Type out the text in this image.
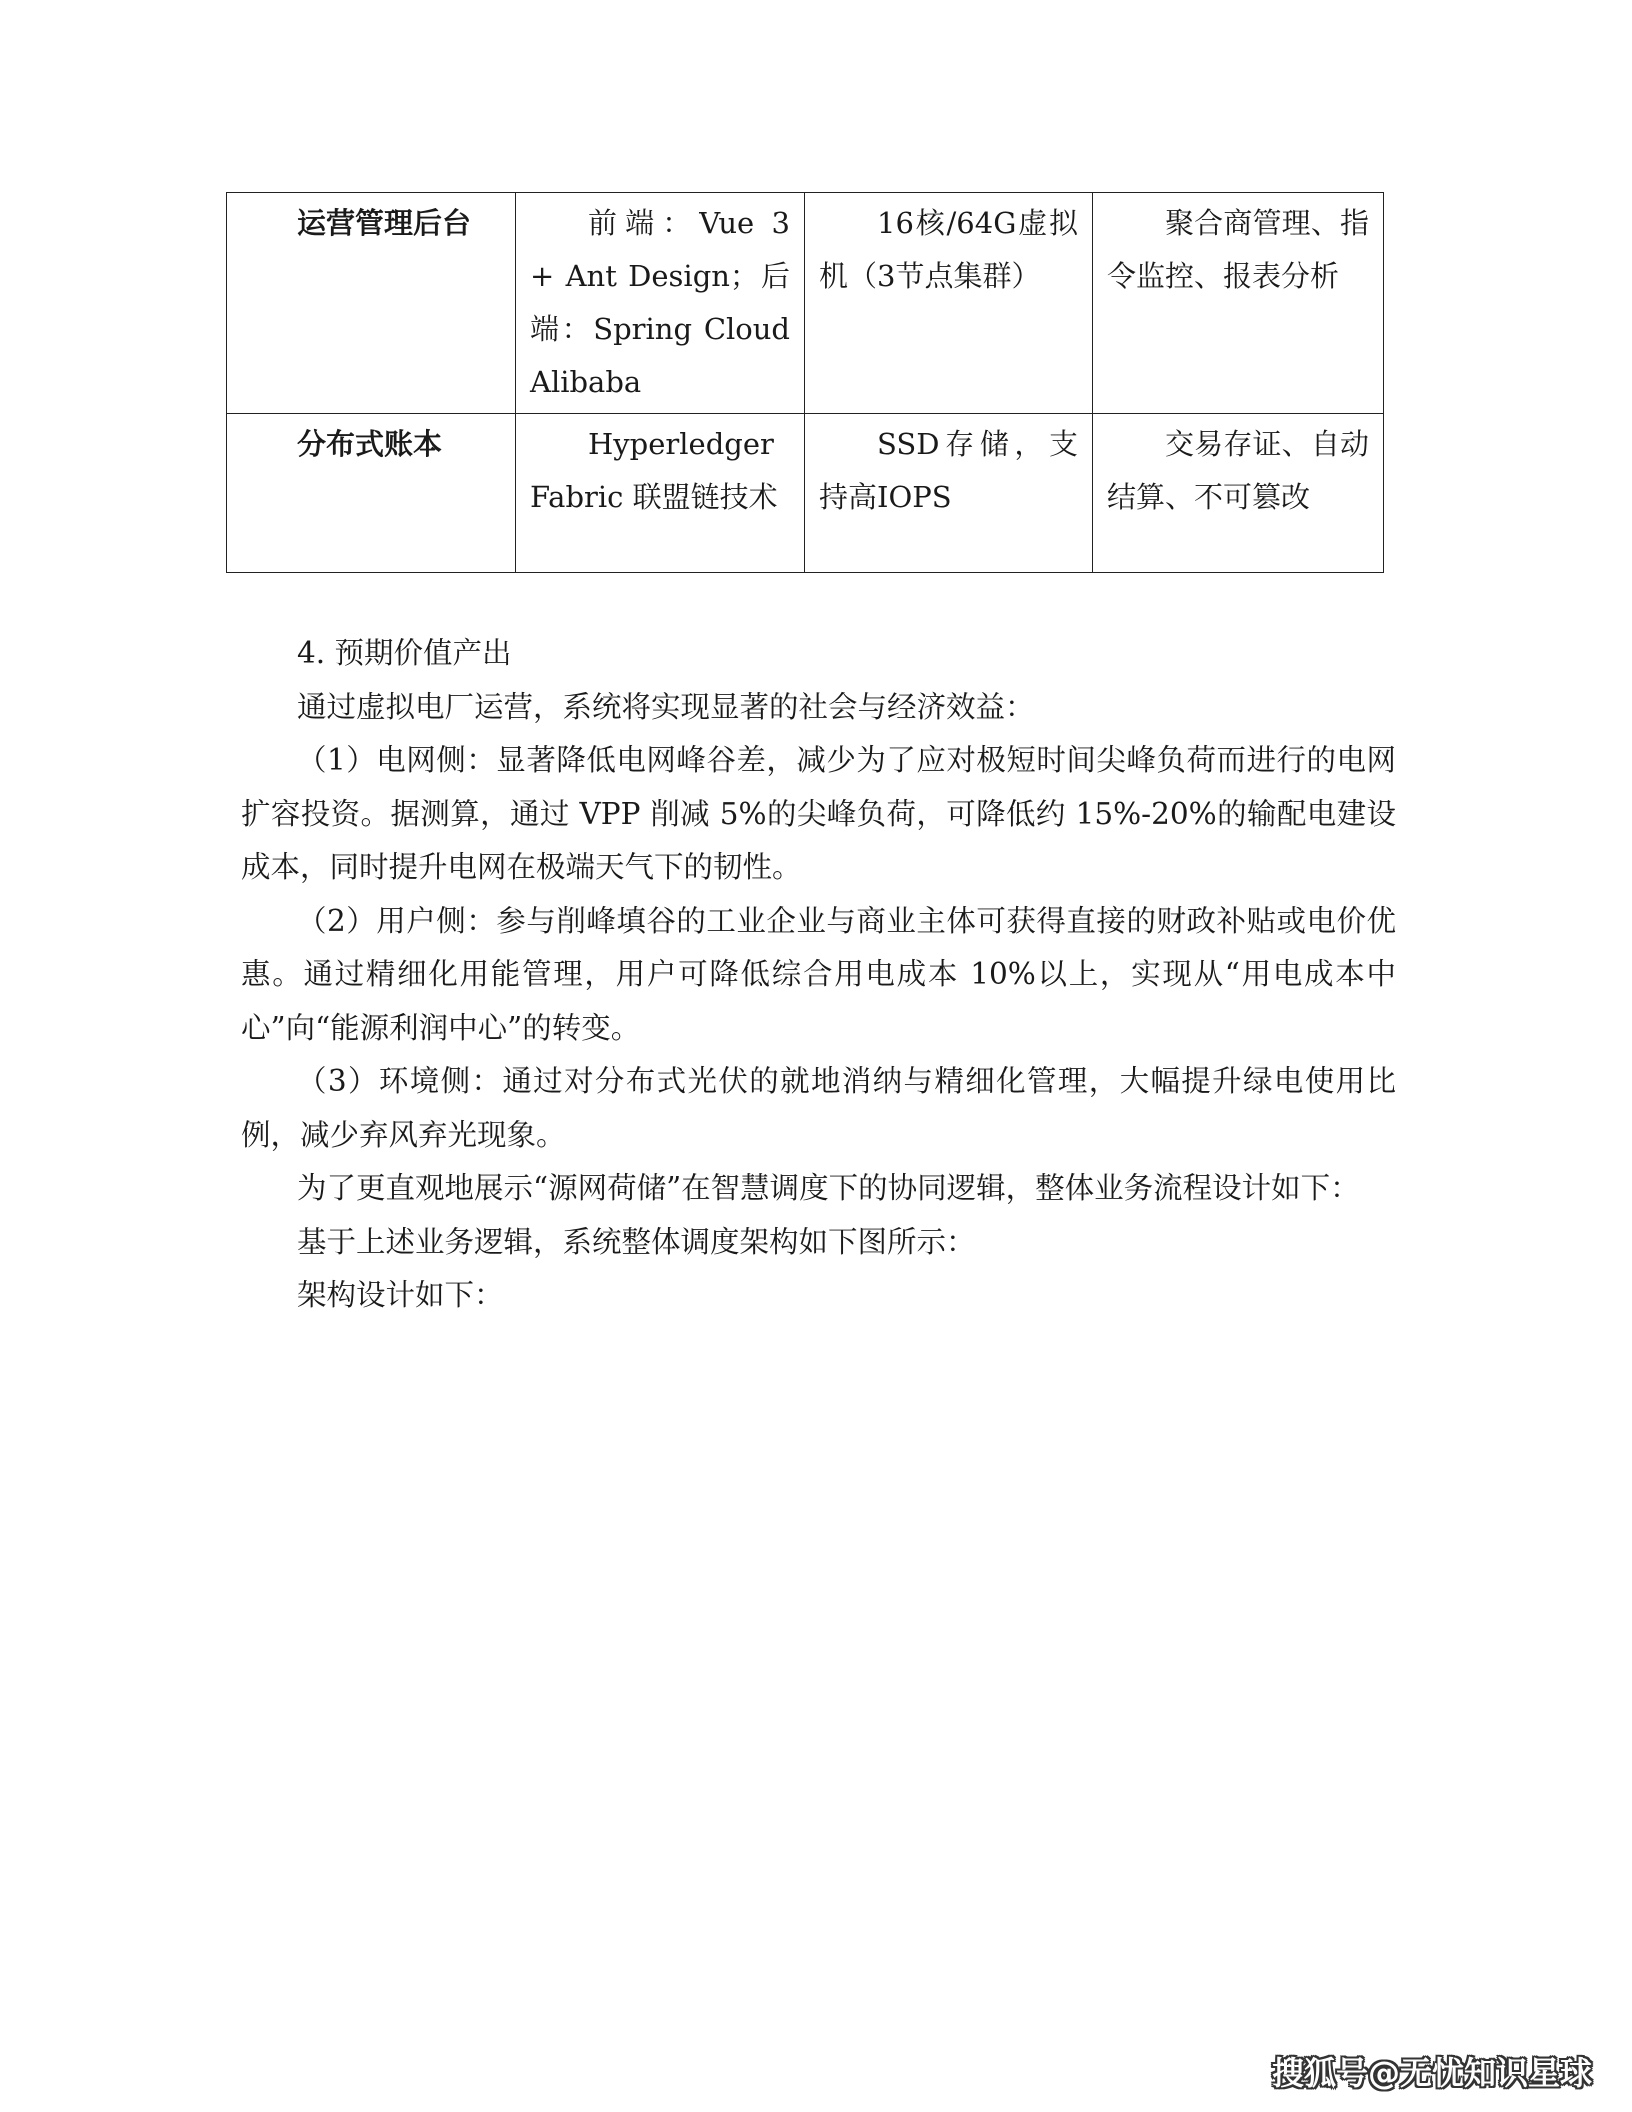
运营管理后台	前端：Vue 3 + Ant Design；后端：Spring Cloud Alibaba	16核/64G虚拟机（3节点集群）	聚合商管理、指令监控、报表分析
分布式账本	Hyperledger Fabric 联盟链技术	SSD存储，支持高IOPS	交易存证、自动结算、不可篡改

4. 预期价值产出

通过虚拟电厂运营，系统将实现显著的社会与经济效益：

（1）电网侧：显著降低电网峰谷差，减少为了应对极短时间尖峰负荷而进行的电网扩容投资。据测算，通过 VPP 削减 5%的尖峰负荷，可降低约 15%-20%的输配电建设成本，同时提升电网在极端天气下的韧性。

（2）用户侧：参与削峰填谷的工业企业与商业主体可获得直接的财政补贴或电价优惠。通过精细化用能管理，用户可降低综合用电成本 10%以上，实现从“用电成本中心”向“能源利润中心”的转变。

（3）环境侧：通过对分布式光伏的就地消纳与精细化管理，大幅提升绿电使用比例，减少弃风弃光现象。

为了更直观地展示“源网荷储”在智慧调度下的协同逻辑，整体业务流程设计如下：

基于上述业务逻辑，系统整体调度架构如下图所示：

架构设计如下：

搜狐号@无忧知识星球
